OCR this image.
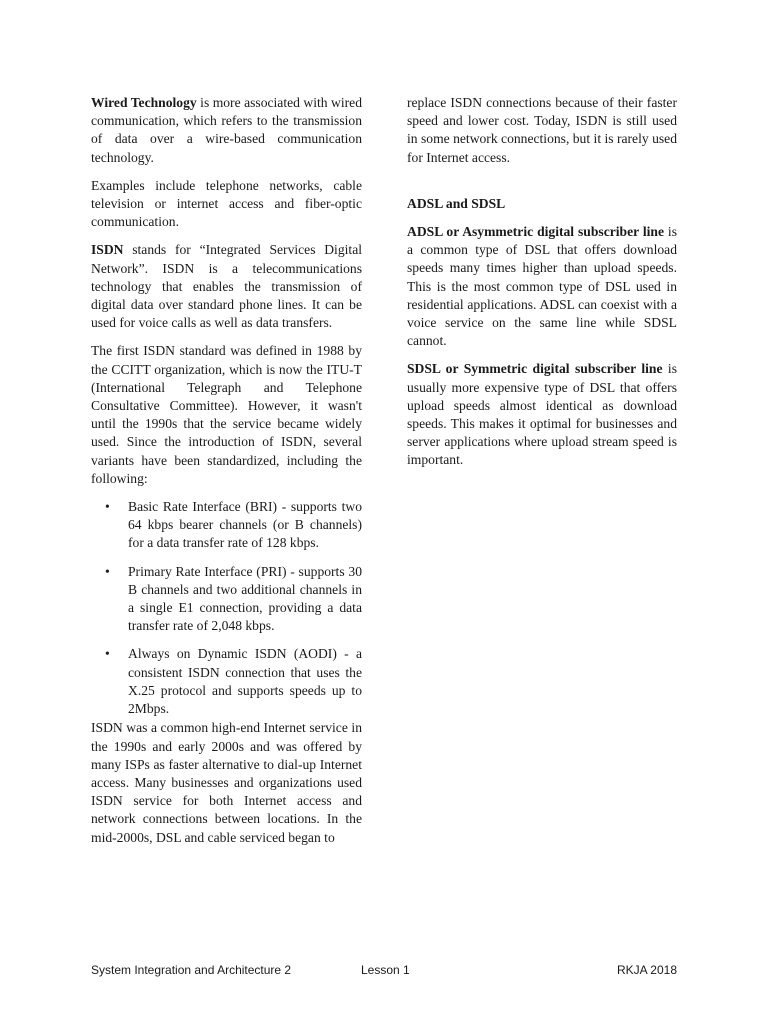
Wired Technology is more associated with wired communication, which refers to the transmission of data over a wire-based communication technology.

Examples include telephone networks, cable television or internet access and fiber-optic communication.

ISDN stands for “Integrated Services Digital Network”. ISDN is a telecommunications technology that enables the transmission of digital data over standard phone lines. It can be used for voice calls as well as data transfers.

The first ISDN standard was defined in 1988 by the CCITT organization, which is now the ITU-T (International Telegraph and Telephone Consultative Committee). However, it wasn't until the 1990s that the service became widely used. Since the introduction of ISDN, several variants have been standardized, including the following:

• Basic Rate Interface (BRI) - supports two 64 kbps bearer channels (or B channels) for a data transfer rate of 128 kbps.
• Primary Rate Interface (PRI) - supports 30 B channels and two additional channels in a single E1 connection, providing a data transfer rate of 2,048 kbps.
• Always on Dynamic ISDN (AODI) - a consistent ISDN connection that uses the X.25 protocol and supports speeds up to 2Mbps.

ISDN was a common high-end Internet service in the 1990s and early 2000s and was offered by many ISPs as faster alternative to dial-up Internet access. Many businesses and organizations used ISDN service for both Internet access and network connections between locations. In the mid-2000s, DSL and cable serviced began to

replace ISDN connections because of their faster speed and lower cost. Today, ISDN is still used in some network connections, but it is rarely used for Internet access.

ADSL and SDSL

ADSL or Asymmetric digital subscriber line is a common type of DSL that offers download speeds many times higher than upload speeds. This is the most common type of DSL used in residential applications. ADSL can coexist with a voice service on the same line while SDSL cannot.

SDSL or Symmetric digital subscriber line is usually more expensive type of DSL that offers upload speeds almost identical as download speeds. This makes it optimal for businesses and server applications where upload stream speed is important.

System Integration and Architecture 2	Lesson 1	RKJA 2018
